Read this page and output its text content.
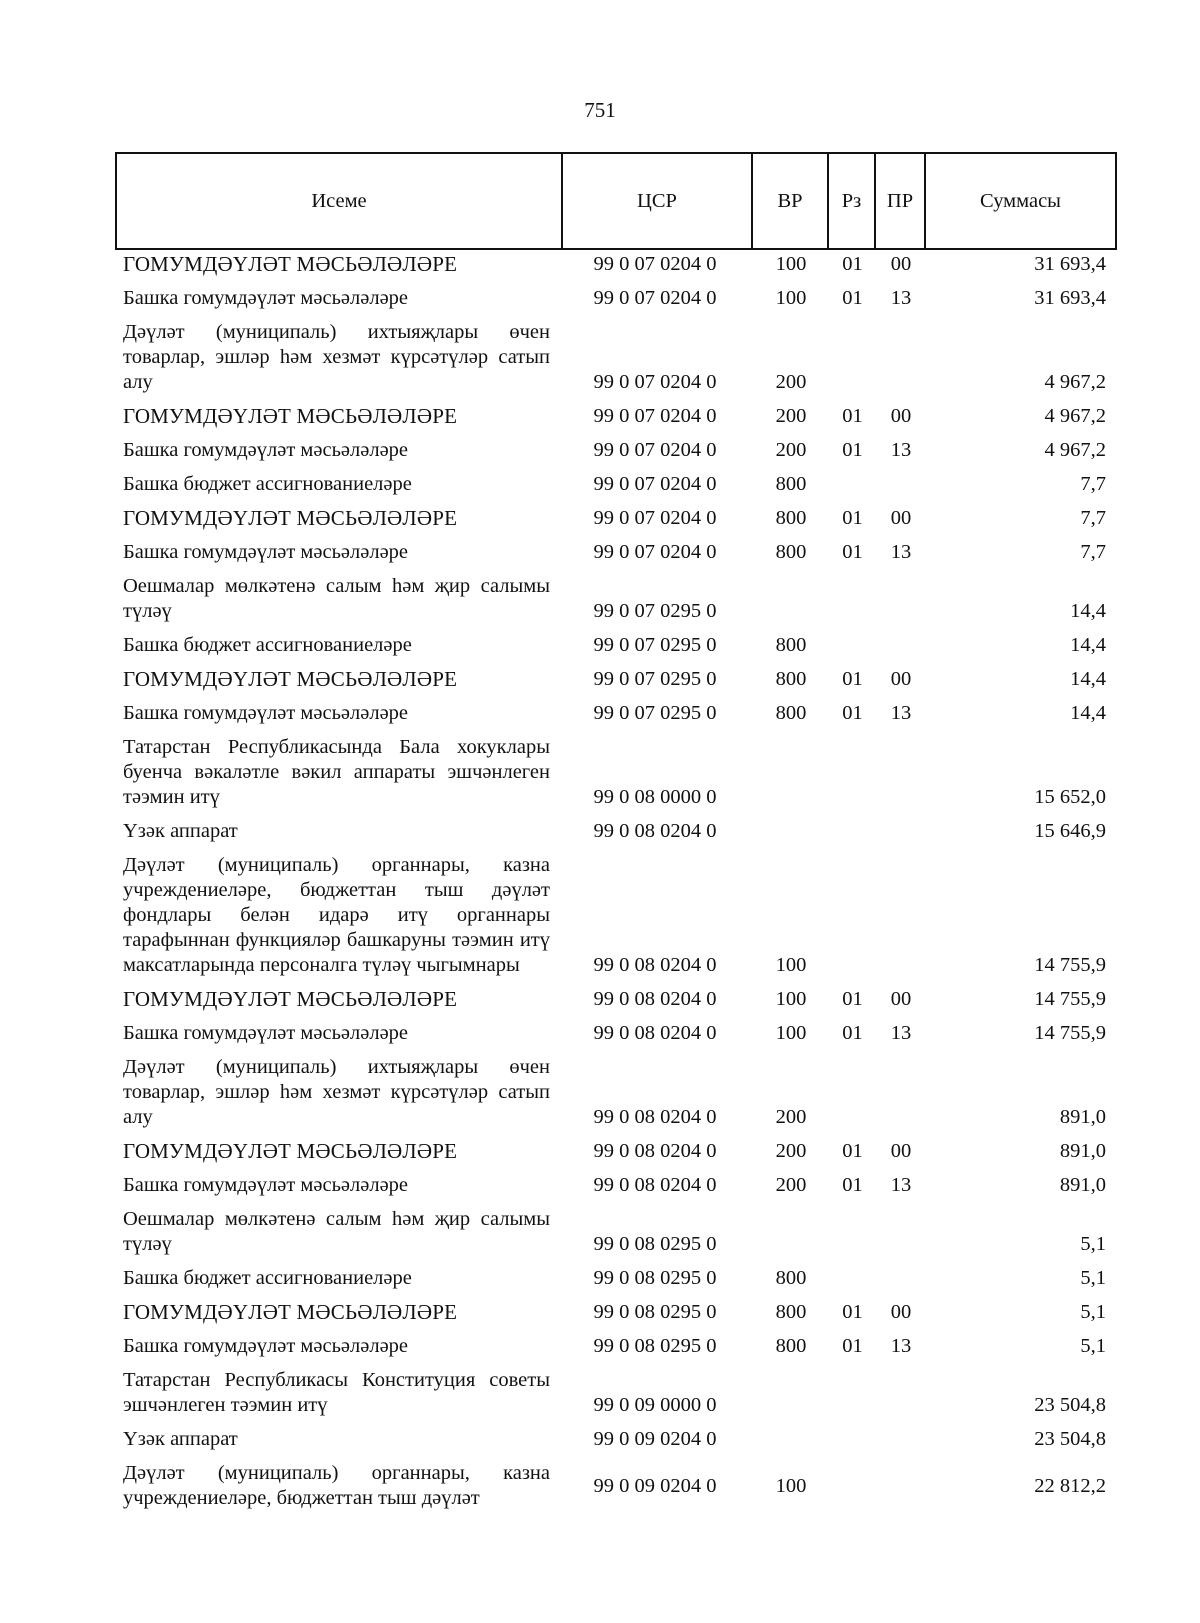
751
Исеме	ЦСР	ВР	Рз	ПР	Суммасы
ГОМУМДӘҮЛӘТ МӘСЬӘЛӘЛӘРЕ	99 0 07 0204 0	100	01	00	31 693,4
Башка гомумдәүләт мәсьәләләре	99 0 07 0204 0	100	01	13	31 693,4
Дәүләт (муниципаль) ихтыяҗлары өчен товарлар, эшләр һәм хезмәт күрсәтүләр сатып алу	99 0 07 0204 0	200			4 967,2
ГОМУМДӘҮЛӘТ МӘСЬӘЛӘЛӘРЕ	99 0 07 0204 0	200	01	00	4 967,2
Башка гомумдәүләт мәсьәләләре	99 0 07 0204 0	200	01	13	4 967,2
Башка бюджет ассигнованиеләре	99 0 07 0204 0	800			7,7
ГОМУМДӘҮЛӘТ МӘСЬӘЛӘЛӘРЕ	99 0 07 0204 0	800	01	00	7,7
Башка гомумдәүләт мәсьәләләре	99 0 07 0204 0	800	01	13	7,7
Оешмалар мөлкәтенә салым һәм җир салымы түләү	99 0 07 0295 0				14,4
Башка бюджет ассигнованиеләре	99 0 07 0295 0	800			14,4
ГОМУМДӘҮЛӘТ МӘСЬӘЛӘЛӘРЕ	99 0 07 0295 0	800	01	00	14,4
Башка гомумдәүләт мәсьәләләре	99 0 07 0295 0	800	01	13	14,4
Татарстан Республикасында Бала хокуклары буенча вәкаләтле вәкил аппараты эшчәнлеген тәэмин итү	99 0 08 0000 0				15 652,0
Үзәк аппарат	99 0 08 0204 0				15 646,9
Дәүләт (муниципаль) органнары, казна учреждениеләре, бюджеттан тыш дәүләт фондлары белән идарә итү органнары тарафыннан функцияләр башкаруны тәэмин итү максатларында персоналга түләү чыгымнары	99 0 08 0204 0	100			14 755,9
ГОМУМДӘҮЛӘТ МӘСЬӘЛӘЛӘРЕ	99 0 08 0204 0	100	01	00	14 755,9
Башка гомумдәүләт мәсьәләләре	99 0 08 0204 0	100	01	13	14 755,9
Дәүләт (муниципаль) ихтыяҗлары өчен товарлар, эшләр һәм хезмәт күрсәтүләр сатып алу	99 0 08 0204 0	200			891,0
ГОМУМДӘҮЛӘТ МӘСЬӘЛӘЛӘРЕ	99 0 08 0204 0	200	01	00	891,0
Башка гомумдәүләт мәсьәләләре	99 0 08 0204 0	200	01	13	891,0
Оешмалар мөлкәтенә салым һәм җир салымы түләү	99 0 08 0295 0				5,1
Башка бюджет ассигнованиеләре	99 0 08 0295 0	800			5,1
ГОМУМДӘҮЛӘТ МӘСЬӘЛӘЛӘРЕ	99 0 08 0295 0	800	01	00	5,1
Башка гомумдәүләт мәсьәләләре	99 0 08 0295 0	800	01	13	5,1
Татарстан Республикасы Конституция советы эшчәнлеген тәэмин итү	99 0 09 0000 0				23 504,8
Үзәк аппарат	99 0 09 0204 0				23 504,8
Дәүләт (муниципаль) органнары, казна учреждениеләре, бюджеттан тыш дәүләт	99 0 09 0204 0	100			22 812,2
